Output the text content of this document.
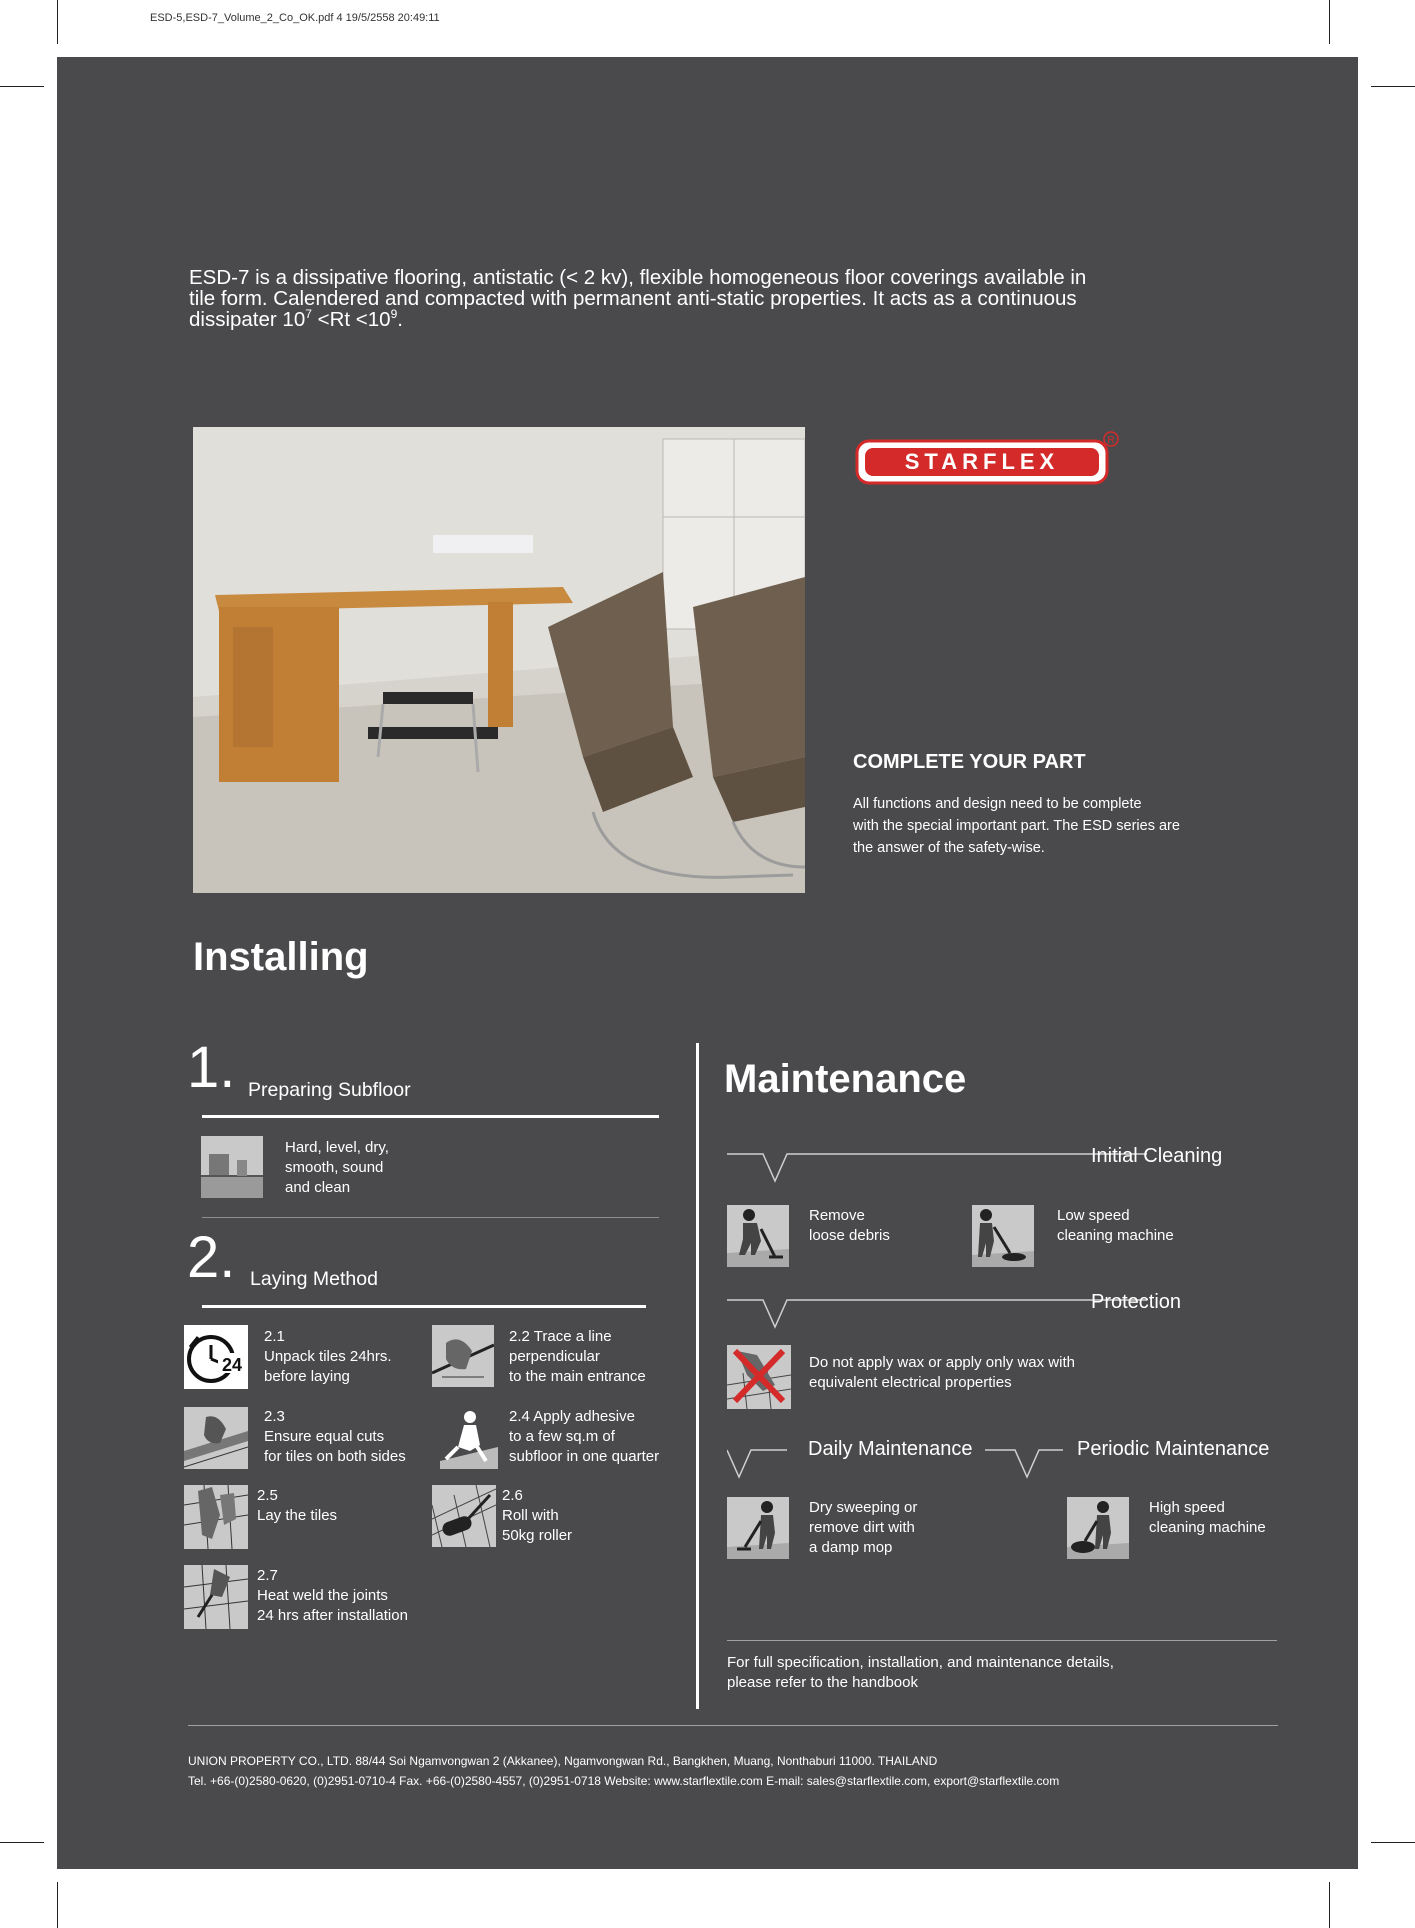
ESD-5,ESD-7_Volume_2_Co_OK.pdf 4 19/5/2558 20:49:11
ESD-7 is a dissipative flooring, antistatic (< 2 kv), flexible homogeneous floor coverings available in
tile form. Calendered and compacted with permanent anti-static properties. It acts as a continuous
dissipater $10^7 <Rt <10^9$.
STARFLEX
R
COMPLETE YOUR PART
All functions and design need to be complete
with the special important part. The ESD series are
the answer of the safety-wise.
Installing
1. Preparing Subfloor
Hard, level, dry,
smooth, sound
and clean
2. Laying Method
24
2.1
Unpack tiles 24hrs.
before laying
2.2 Trace a line
perpendicular
to the main entrance
2.3
Ensure equal cuts
for tiles on both sides
2.4 Apply adhesive
to a few sq.m of
subfloor in one quarter
2.5
Lay the tiles
2.6
Roll with
50kg roller
2.7
Heat weld the joints
24 hrs after installation
Maintenance
Initial Cleaning
Remove
loose debris
Low speed
cleaning machine
Protection
Do not apply wax or apply only wax with
equivalent electrical properties
Daily Maintenance	Periodic Maintenance
Dry sweeping or
remove dirt with
a damp mop
High speed
cleaning machine
For full specification, installation, and maintenance details,
please refer to the handbook
UNION PROPERTY CO., LTD. 88/44 Soi Ngamvongwan 2 (Akkanee), Ngamvongwan Rd., Bangkhen, Muang, Nonthaburi 11000. THAILAND
Tel. +66-(0)2580-0620, (0)2951-0710-4 Fax. +66-(0)2580-4557, (0)2951-0718 Website: www.starflextile.com E-mail: sales@starflextile.com, export@starflextile.com
